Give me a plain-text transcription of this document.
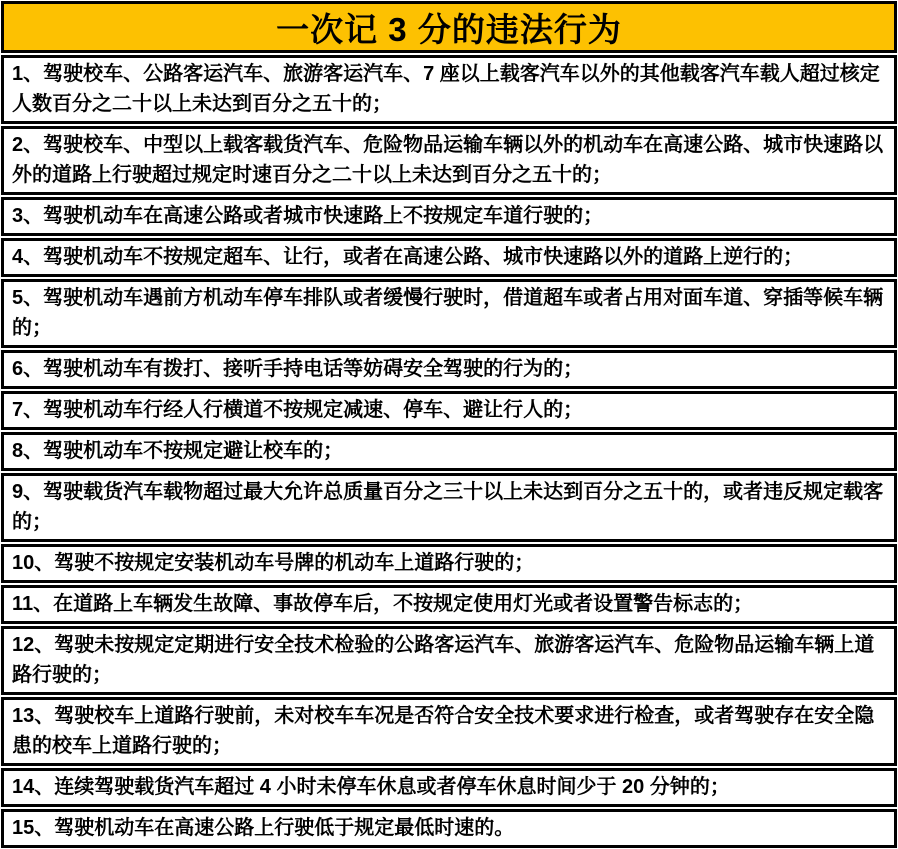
一次记 3 分的违法行为
1、驾驶校车、公路客运汽车、旅游客运汽车、7 座以上载客汽车以外的其他载客汽车载人超过核定人数百分之二十以上未达到百分之五十的；
2、驾驶校车、中型以上载客载货汽车、危险物品运输车辆以外的机动车在高速公路、城市快速路以外的道路上行驶超过规定时速百分之二十以上未达到百分之五十的；
3、驾驶机动车在高速公路或者城市快速路上不按规定车道行驶的；
4、驾驶机动车不按规定超车、让行，或者在高速公路、城市快速路以外的道路上逆行的；
5、驾驶机动车遇前方机动车停车排队或者缓慢行驶时，借道超车或者占用对面车道、穿插等候车辆的；
6、驾驶机动车有拨打、接听手持电话等妨碍安全驾驶的行为的；
7、驾驶机动车行经人行横道不按规定减速、停车、避让行人的；
8、驾驶机动车不按规定避让校车的；
9、驾驶载货汽车载物超过最大允许总质量百分之三十以上未达到百分之五十的，或者违反规定载客的；
10、驾驶不按规定安装机动车号牌的机动车上道路行驶的；
11、在道路上车辆发生故障、事故停车后，不按规定使用灯光或者设置警告标志的；
12、驾驶未按规定定期进行安全技术检验的公路客运汽车、旅游客运汽车、危险物品运输车辆上道路行驶的；
13、驾驶校车上道路行驶前，未对校车车况是否符合安全技术要求进行检查，或者驾驶存在安全隐患的校车上道路行驶的；
14、连续驾驶载货汽车超过 4 小时未停车休息或者停车休息时间少于 20 分钟的；
15、驾驶机动车在高速公路上行驶低于规定最低时速的。
